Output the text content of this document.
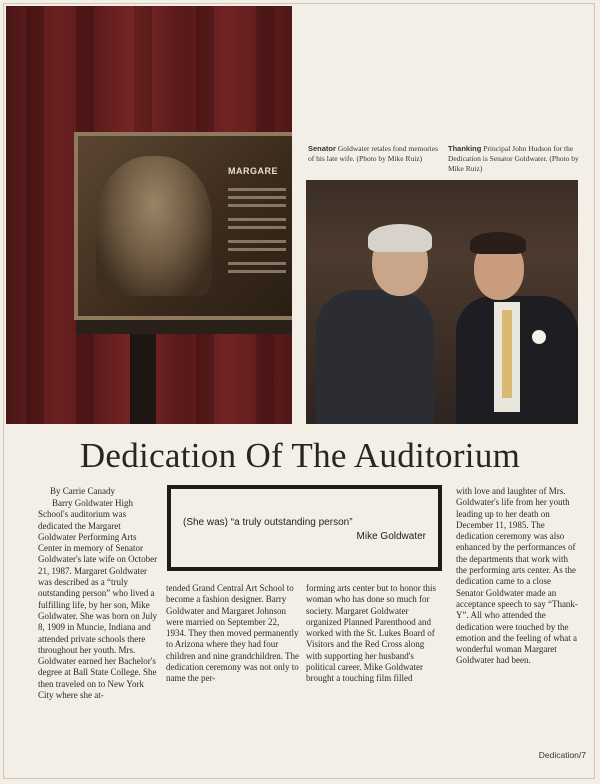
MARGARE
Senator Goldwater retales fond memories of his late wife. (Photo by Mike Ruiz)
Thanking Principal John Hudson for the Dedication is Senator Goldwater. (Photo by Mike Ruiz)
Dedication Of The Auditorium
By Carrie Canady
Barry Goldwater High School's auditorium was dedicated the Margaret Goldwater Performing Arts Center in memory of Senator Goldwater's late wife on October 21, 1987. Margaret Goldwater was described as a “truly outstanding person” who lived a fulfilling life, by her son, Mike Goldwater. She was born on July 8, 1909 in Muncie, Indiana and attended private schools there throughout her youth. Mrs. Goldwater earned her Bachelor's degree at Ball State College. She then traveled on to New York City where she at-
(She was) “a truly outstanding person”
Mike Goldwater
tended Grand Central Art School to become a fashion designer. Barry Goldwater and Margaret Johnson were married on September 22, 1934. They then moved permanently to Arizona where they had four children and nine grandchildren. The dedication ceremony was not only to name the per-
forming arts center but to honor this woman who has done so much for society. Margaret Goldwater organized Planned Parenthood and worked with the St. Lukes Board of Visitors and the Red Cross along with supporting her husband's political career. Mike Goldwater brought a touching film filled
with love and laughter of Mrs. Goldwater's life from her youth leading up to her death on December 11, 1985. The dedication ceremony was also enhanced by the performances of the departments that work with the performing arts center. As the dedication came to a close Senator Goldwater made an acceptance speech to say “Thank-Y”. All who attended the dedication were touched by the emotion and the feeling of what a wonderful woman Margaret Goldwater had been.
Dedication/7
